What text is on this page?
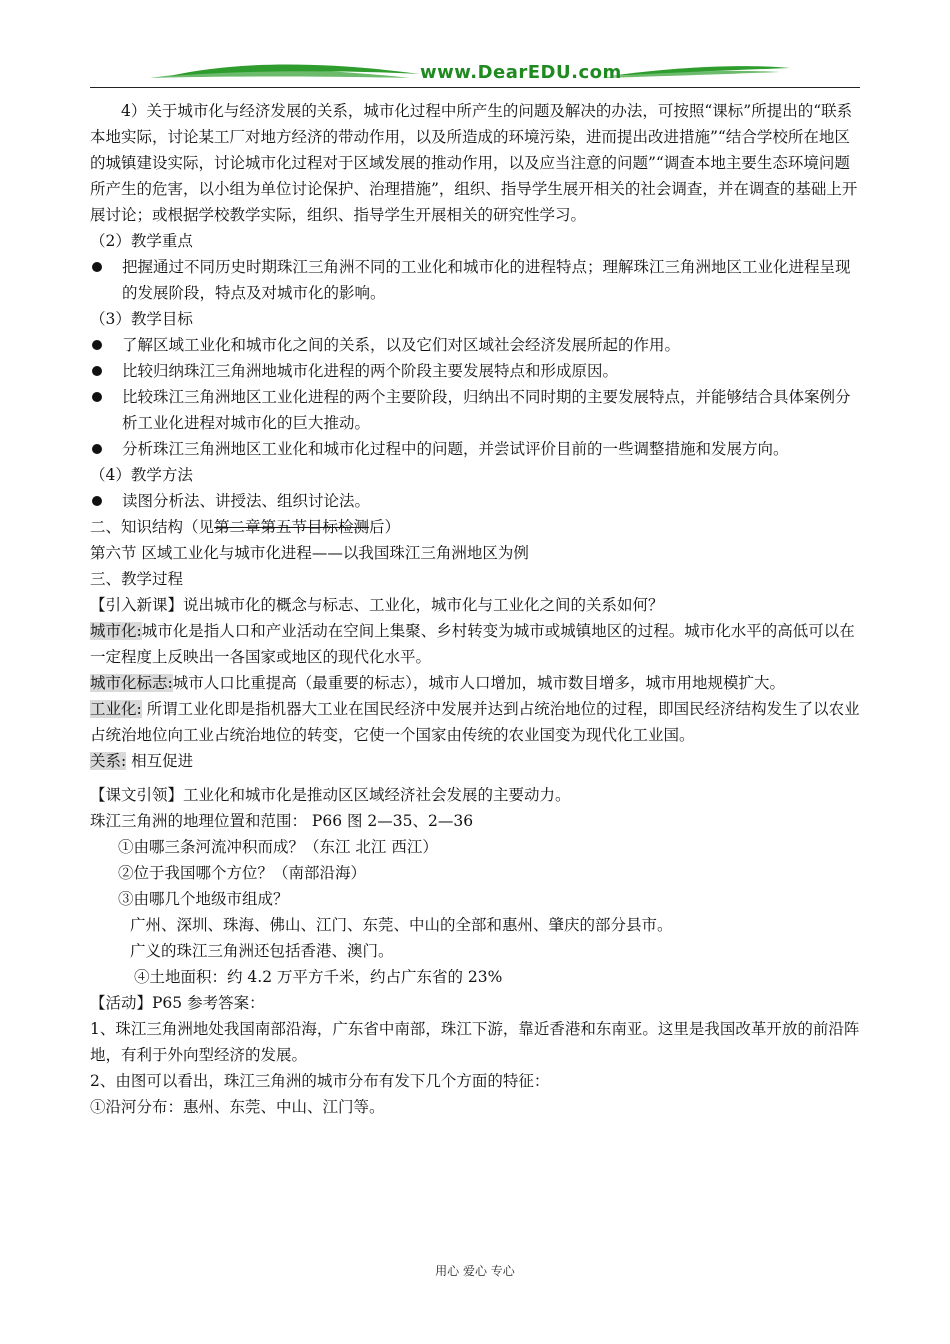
www.DearEDU.com

4）关于城市化与经济发展的关系，城市化过程中所产生的问题及解决的办法，可按照“课标”所提出的“联系本地实际，讨论某工厂对地方经济的带动作用，以及所造成的环境污染，进而提出改进措施”“结合学校所在地区的城镇建设实际，讨论城市化过程对于区域发展的推动作用，以及应当注意的问题”“调查本地主要生态环境问题所产生的危害，以小组为单位讨论保护、治理措施”，组织、指导学生展开相关的社会调查，并在调查的基础上开展讨论；或根据学校教学实际，组织、指导学生开展相关的研究性学习。

（2）教学重点

把握通过不同历史时期珠江三角洲不同的工业化和城市化的进程特点；理解珠江三角洲地区工业化进程呈现的发展阶段，特点及对城市化的影响。

（3）教学目标

了解区域工业化和城市化之间的关系，以及它们对区域社会经济发展所起的作用。
比较归纳珠江三角洲地城市化进程的两个阶段主要发展特点和形成原因。
比较珠江三角洲地区工业化进程的两个主要阶段，归纳出不同时期的主要发展特点，并能够结合具体案例分析工业化进程对城市化的巨大推动。
分析珠江三角洲地区工业化和城市化过程中的问题，并尝试评价目前的一些调整措施和发展方向。

（4）教学方法

读图分析法、讲授法、组织讨论法。

二、知识结构（见第二章第五节目标检测后）

第六节 区域工业化与城市化进程——以我国珠江三角洲地区为例

三、教学过程

【引入新课】说出城市化的概念与标志、工业化，城市化与工业化之间的关系如何？

城市化:城市化是指人口和产业活动在空间上集聚、乡村转变为城市或城镇地区的过程。城市化水平的高低可以在一定程度上反映出一各国家或地区的现代化水平。

城市化标志:城市人口比重提高（最重要的标志），城市人口增加，城市数目增多，城市用地规模扩大。

工业化: 所谓工业化即是指机器大工业在国民经济中发展并达到占统治地位的过程，即国民经济结构发生了以农业占统治地位向工业占统治地位的转变，它使一个国家由传统的农业国变为现代化工业国。

关系: 相互促进

【课文引领】工业化和城市化是推动区区域经济社会发展的主要动力。

珠江三角洲的地理位置和范围： P66 图 2—35、2—36

①由哪三条河流冲积而成？（东江 北江 西江）

②位于我国哪个方位？（南部沿海）

③由哪几个地级市组成？

广州、深圳、珠海、佛山、江门、东莞、中山的全部和惠州、肇庆的部分县市。

广义的珠江三角洲还包括香港、澳门。

④土地面积：约 4.2 万平方千米，约占广东省的 23%

【活动】P65 参考答案：

1、珠江三角洲地处我国南部沿海，广东省中南部，珠江下游，靠近香港和东南亚。这里是我国改革开放的前沿阵地，有利于外向型经济的发展。

2、由图可以看出，珠江三角洲的城市分布有发下几个方面的特征：

①沿河分布：惠州、东莞、中山、江门等。

用心 爱心 专心
